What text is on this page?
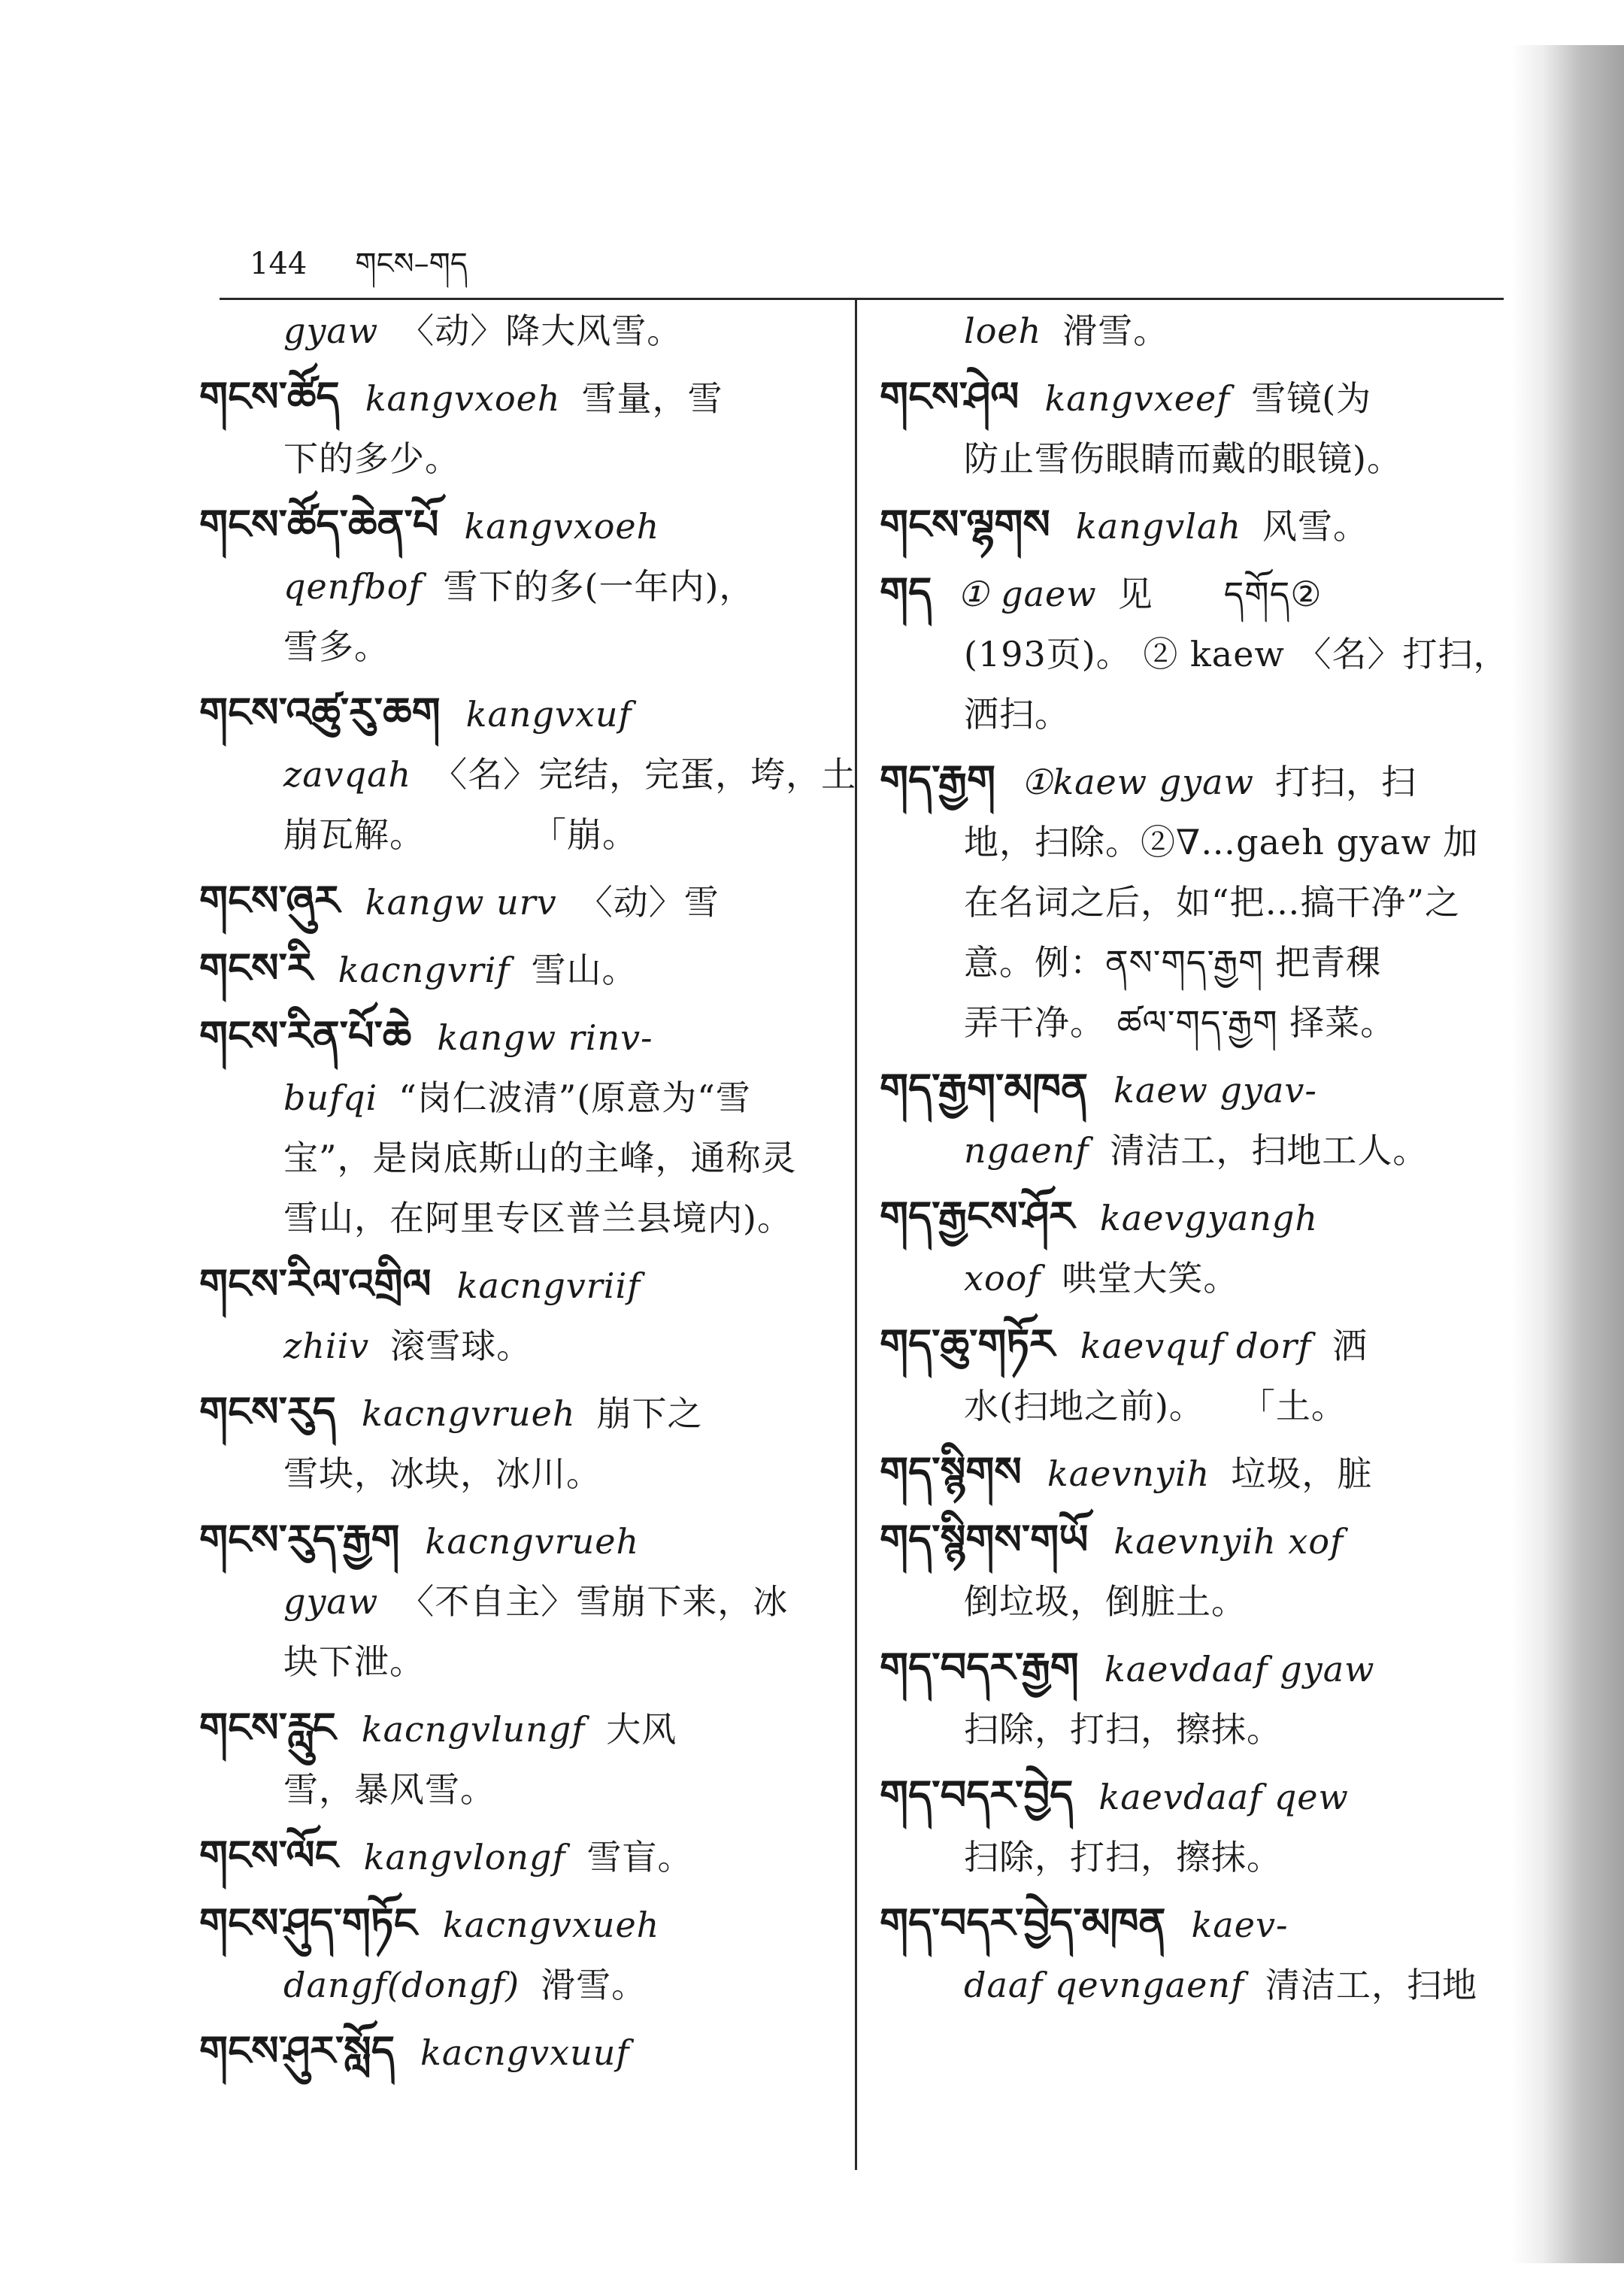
144 གངས–གད
gyaw 〈动〉降大风雪。
གངས་ཚོད kangvxoeh 雪量，雪
下的多少。
གངས་ཚོད་ཆེན་པོ kangvxoeh
qenfbof 雪下的多(一年内)，
雪多。
གངས་འཚུ་རུ་ཆག kangvxuf
zavqah 〈名〉完结，完蛋，垮，土
崩瓦解。　　　　「崩。
གངས་ཞུར kangw urv 〈动〉雪
གངས་རི kacngvrif 雪山。
གངས་རིན་པོ་ཆེ kangw rinv-
bufqi “岗仁波清”(原意为“雪
宝”，是岗底斯山的主峰，通称灵
雪山，在阿里专区普兰县境内)。
གངས་རིལ་འགྲིལ kacngvriif
zhiiv 滚雪球。
གངས་རུད kacngvrueh 崩下之
雪块，冰块，冰川。
གངས་རུད་རྒྱག kacngvrueh
gyaw 〈不自主〉雪崩下来，冰
块下泄。
གངས་རླུང kacngvlungf 大风
雪，暴风雪。
གངས་ལོང kangvlongf 雪盲。
གངས་ཤུད་གཏོང kacngvxueh
dangf(dongf) 滑雪。
གངས་ཤུར་སློད kacngvxuuf
loeh 滑雪。
གངས་ཤེལ kangvxeef 雪镜(为
防止雪伤眼睛而戴的眼镜)。
གངས་ལྷགས kangvlah 风雪。
གད ① gaew 见　　དགོད②
(193页)。 ② kaew 〈名〉打扫，
洒扫。
གད་རྒྱག ①kaew gyaw 打扫，扫
地，扫除。②∇…gaeh gyaw 加
在名词之后，如“把…搞干净”之
意。例：ནས་གད་རྒྱག 把青稞
弄干净。 ཚལ་གད་རྒྱག 择菜。
གད་རྒྱག་མཁན kaew gyav-
ngaenf 清洁工，扫地工人。
གད་རྒྱངས་ཤོར kaevgyangh
xoof 哄堂大笑。
གད་ཆུ་གཏོར kaevquf dorf 洒
水(扫地之前)。　　「土。
གད་སྙིགས kaevnyih 垃圾，脏
གད་སྙིགས་གཡོ kaevnyih xof
倒垃圾，倒脏土。
གད་བདར་རྒྱག kaevdaaf gyaw
扫除，打扫，擦抹。
གད་བདར་བྱེད kaevdaaf qew
扫除，打扫，擦抹。
གད་བདར་བྱེད་མཁན kaev-
daaf qevngaenf 清洁工，扫地
